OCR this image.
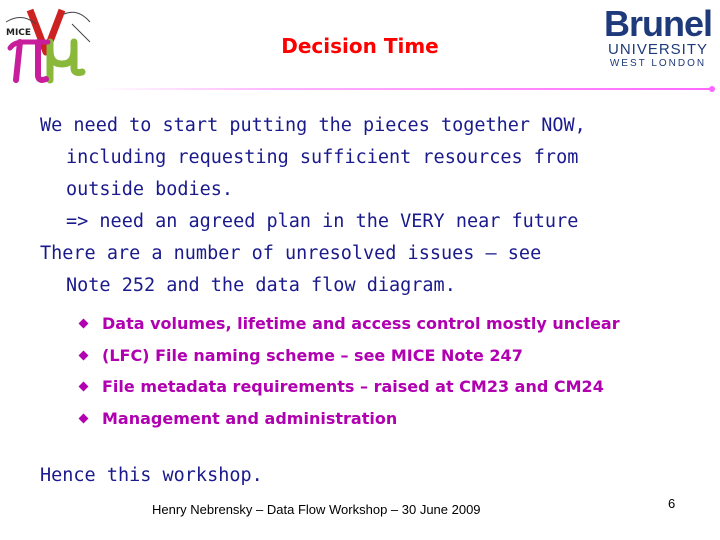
MICE
Decision Time
Brunel
UNIVERSITY
WEST LONDON

We need to start putting the pieces together NOW,
including requesting sufficient resources from
outside bodies.
=> need an agreed plan in the VERY near future

There are a number of unresolved issues – see
Note 252 and the data flow diagram.

Data volumes, lifetime and access control mostly unclear
(LFC) File naming scheme – see MICE Note 247
File metadata requirements – raised at CM23 and CM24
Management and administration

Hence this workshop.

Henry Nebrensky – Data Flow Workshop – 30 June 2009	6
